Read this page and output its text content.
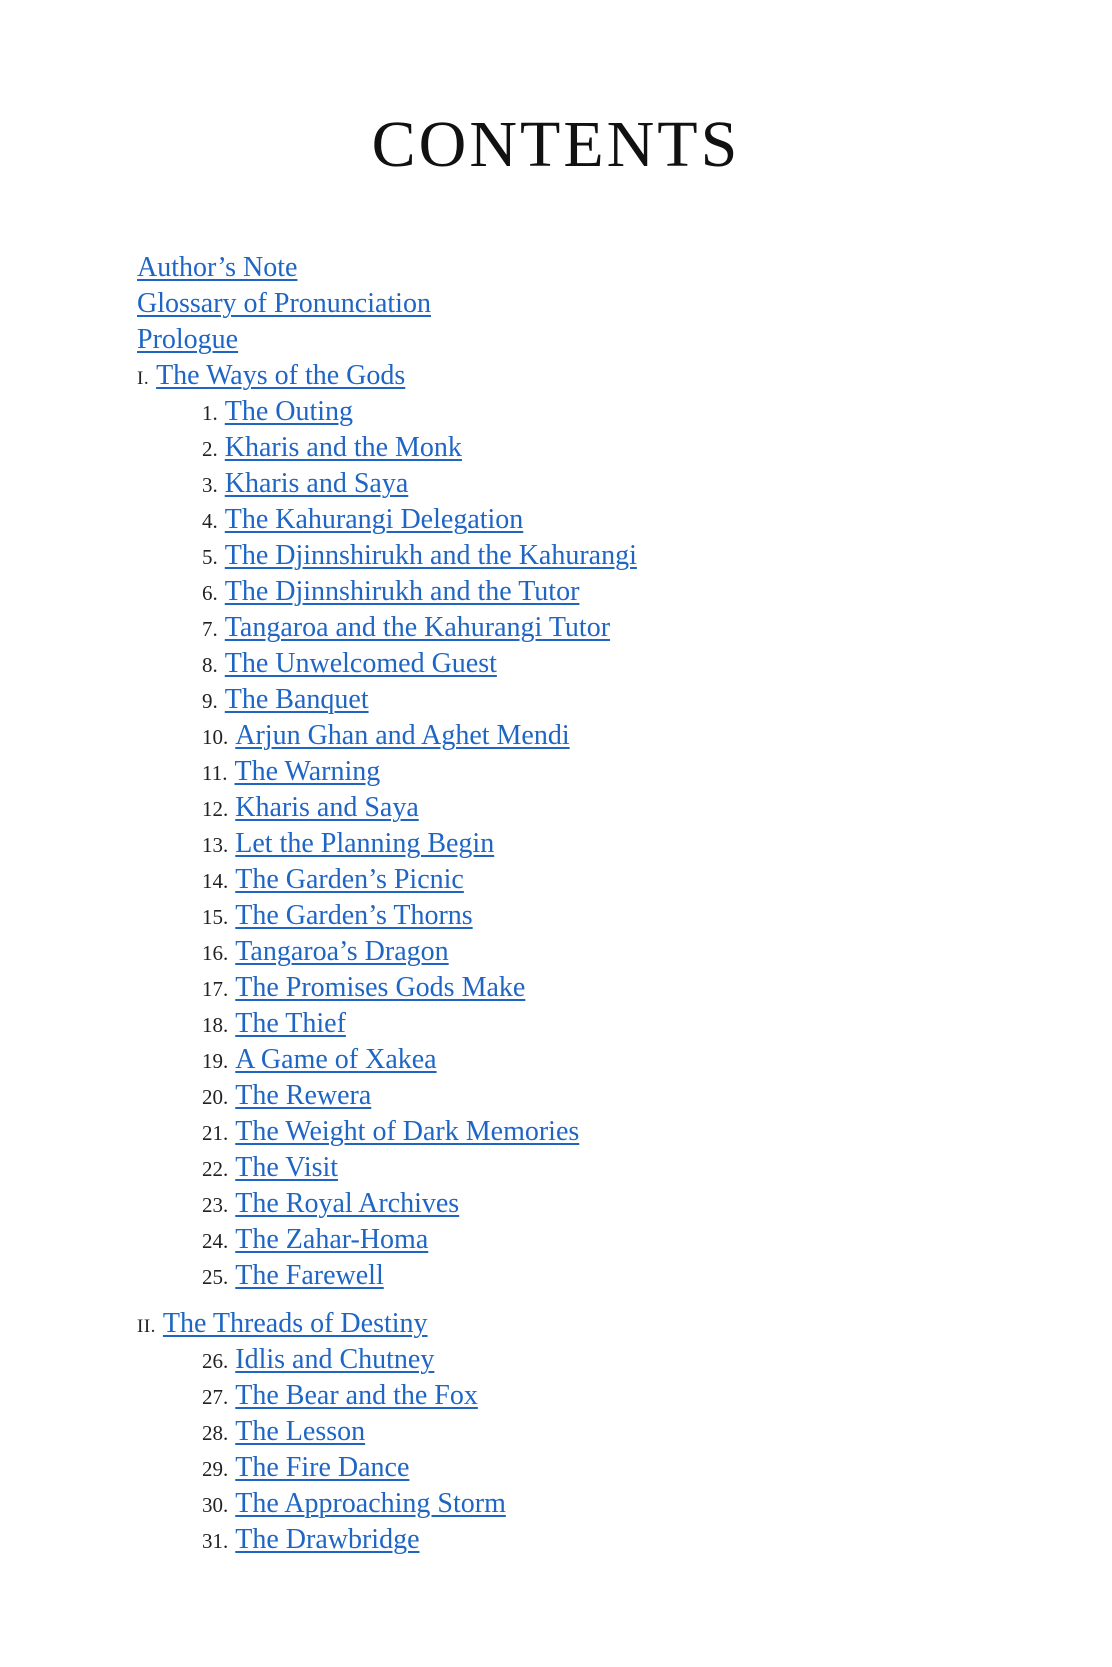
CONTENTS
Author’s Note
Glossary of Pronunciation
Prologue
I. The Ways of the Gods
1. The Outing
2. Kharis and the Monk
3. Kharis and Saya
4. The Kahurangi Delegation
5. The Djinnshirukh and the Kahurangi
6. The Djinnshirukh and the Tutor
7. Tangaroa and the Kahurangi Tutor
8. The Unwelcomed Guest
9. The Banquet
10. Arjun Ghan and Aghet Mendi
11. The Warning
12. Kharis and Saya
13. Let the Planning Begin
14. The Garden’s Picnic
15. The Garden’s Thorns
16. Tangaroa’s Dragon
17. The Promises Gods Make
18. The Thief
19. A Game of Xakea
20. The Rewera
21. The Weight of Dark Memories
22. The Visit
23. The Royal Archives
24. The Zahar-Homa
25. The Farewell
II. The Threads of Destiny
26. Idlis and Chutney
27. The Bear and the Fox
28. The Lesson
29. The Fire Dance
30. The Approaching Storm
31. The Drawbridge
